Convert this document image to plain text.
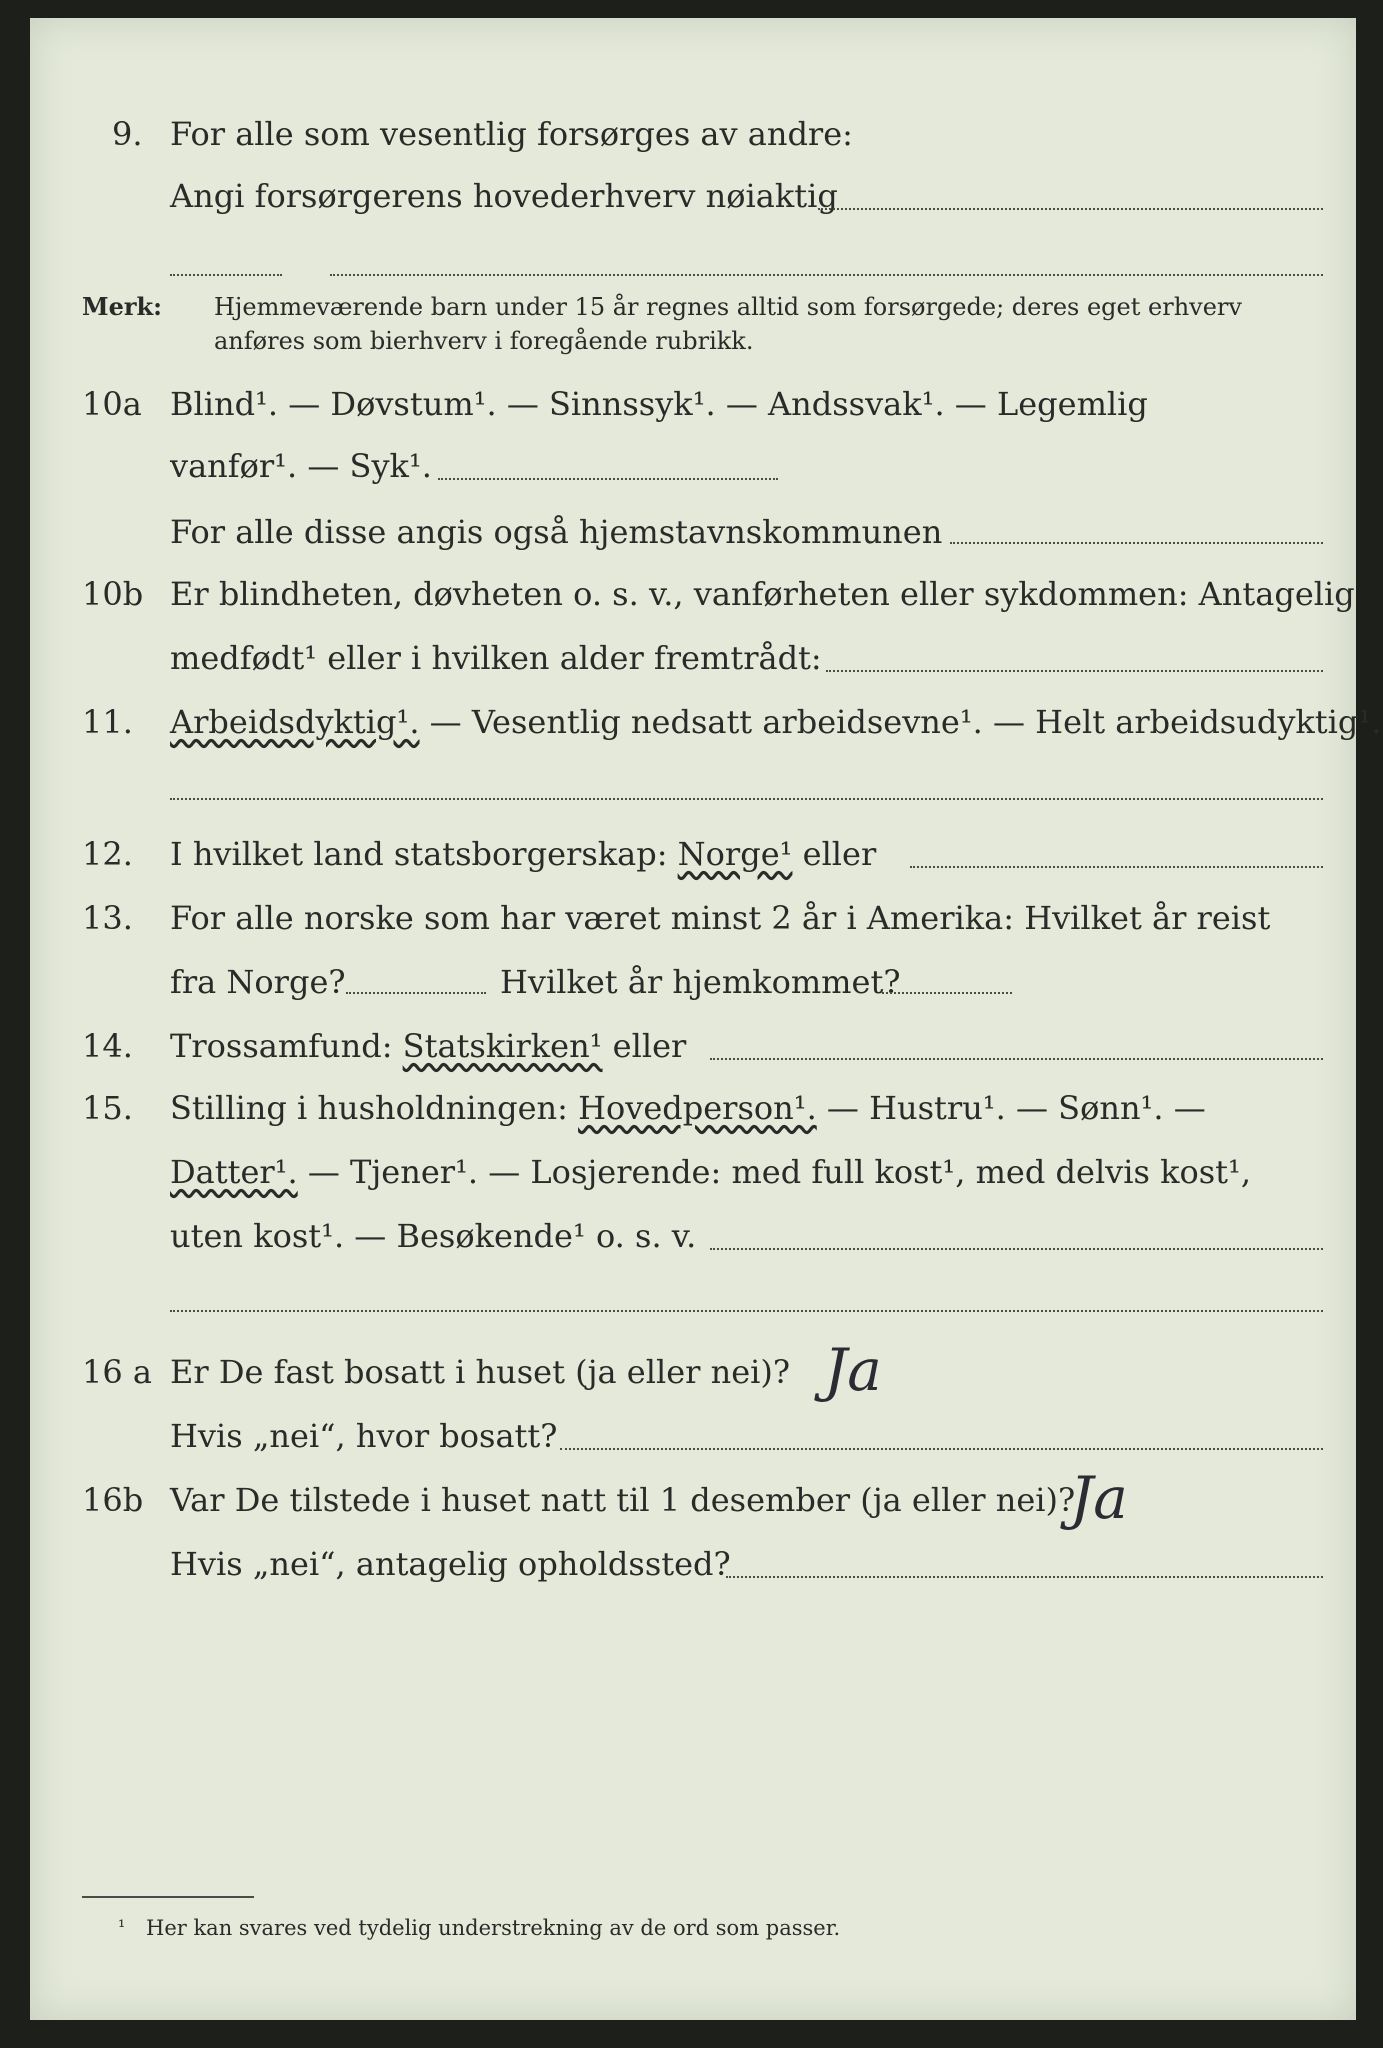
9. For alle som vesentlig forsørges av andre:
Angi forsørgerens hovederhverv nøiaktig
Merk: Hjemmeværende barn under 15 år regnes alltid som forsørgede; deres eget erhverv
anføres som bierhverv i foregående rubrikk.
10a Blind¹. — Døvstum¹. — Sinnssyk¹. — Andssvak¹. — Legemlig
vanfør¹. — Syk¹.
For alle disse angis også hjemstavnskommunen
10b Er blindheten, døvheten o. s. v., vanførheten eller sykdommen: Antagelig
medfødt¹ eller i hvilken alder fremtrådt:
11. Arbeidsdyktig¹. — Vesentlig nedsatt arbeidsevne¹. — Helt arbeidsudyktig¹.
12. I hvilket land statsborgerskap: Norge¹ eller
13. For alle norske som har været minst 2 år i Amerika: Hvilket år reist
fra Norge?	Hvilket år hjemkommet?
14. Trossamfund: Statskirken¹ eller
15. Stilling i husholdningen: Hovedperson¹. — Hustru¹. — Sønn¹. —
Datter¹. — Tjener¹. — Losjerende: med full kost¹, med delvis kost¹,
uten kost¹. — Besøkende¹ o. s. v.
16 a Er De fast bosatt i huset (ja eller nei)? Ja
Hvis „nei“, hvor bosatt?
16b Var De tilstede i huset natt til 1 desember (ja eller nei)?
Ja
Hvis „nei“, antagelig opholdssted?
¹ Her kan svares ved tydelig understrekning av de ord som passer.
